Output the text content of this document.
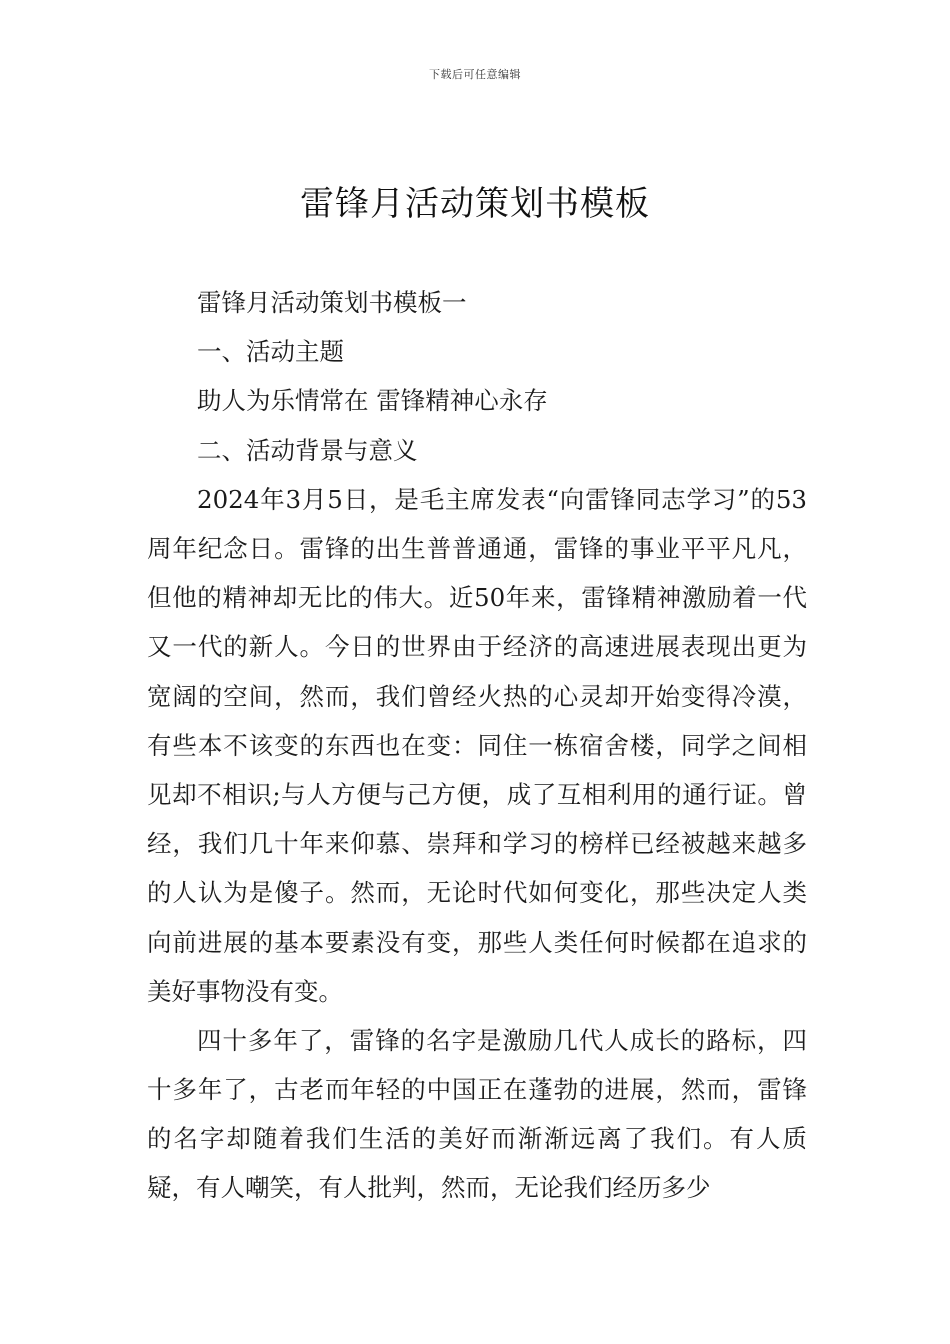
下载后可任意编辑
雷锋月活动策划书模板
雷锋月活动策划书模板一
一、活动主题
助人为乐情常在 雷锋精神心永存
二、活动背景与意义

2024年3月5日，是毛主席发表“向雷锋同志学习”的53周年纪念日。雷锋的出生普普通通，雷锋的事业平平凡凡，但他的精神却无比的伟大。近50年来，雷锋精神激励着一代又一代的新人。今日的世界由于经济的高速进展表现出更为宽阔的空间，然而，我们曾经火热的心灵却开始变得冷漠，有些本不该变的东西也在变：同住一栋宿舍楼，同学之间相见却不相识;与人方便与己方便，成了互相利用的通行证。曾经，我们几十年来仰慕、崇拜和学习的榜样已经被越来越多的人认为是傻子。然而，无论时代如何变化，那些决定人类向前进展的基本要素没有变，那些人类任何时候都在追求的美好事物没有变。

四十多年了，雷锋的名字是激励几代人成长的路标，四十多年了，古老而年轻的中国正在蓬勃的进展，然而，雷锋的名字却随着我们生活的美好而渐渐远离了我们。有人质疑，有人嘲笑，有人批判，然而，无论我们经历多少
